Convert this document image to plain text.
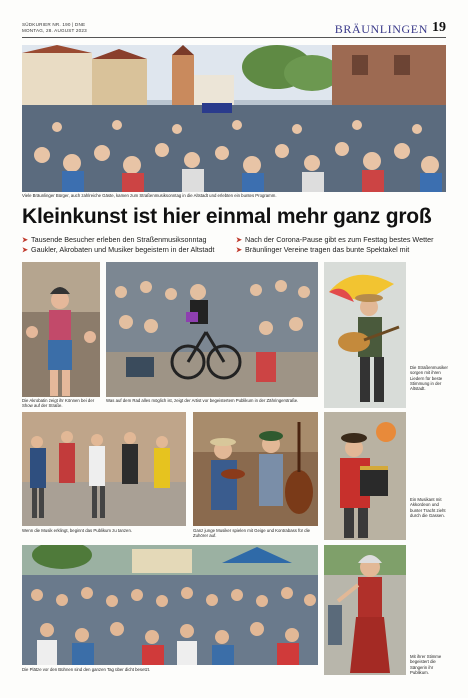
SÜDKURIER NR. 190 | DNE
MONTAG, 28. AUGUST 2023	BRÄUNLINGEN 19
Viele Bräunlinger Bürger, auch zahlreiche Gäste, kamen zum Straßenmusiksonntag in die Altstadt und erlebten ein buntes Programm.
Kleinkunst ist hier einmal mehr ganz groß
➤ Tausende Besucher erleben den Straßenmusiksonntag
➤ Gaukler, Akrobaten und Musiker begeistern in der Altstadt
➤ Nach der Corona-Pause gibt es zum Festtag bestes Wetter
➤ Bräunlinger Vereine tragen das bunte Spektakel mit
Die Akrobatin zeigt ihr Können bei der Show auf der Straße.
Was auf dem Rad alles möglich ist, zeigt der Artist vor begeistertem Publikum in der Zähringerstraße.
Die Straßenmusiker sorgen mit ihren Liedern für beste Stimmung in der Altstadt.
Wenn die Musik erklingt, beginnt das Publikum zu tanzen.	Ganz junge Musiker spielen mit Geige und Kontrabass für die Zuhörer auf.
Ein Musikant mit Akkordeon und bunter Tracht zieht durch die Gassen.
Die Plätze vor den Bühnen sind den ganzen Tag über dicht besetzt.
Mit ihrer Stimme begeistert die Sängerin ihr Publikum.
